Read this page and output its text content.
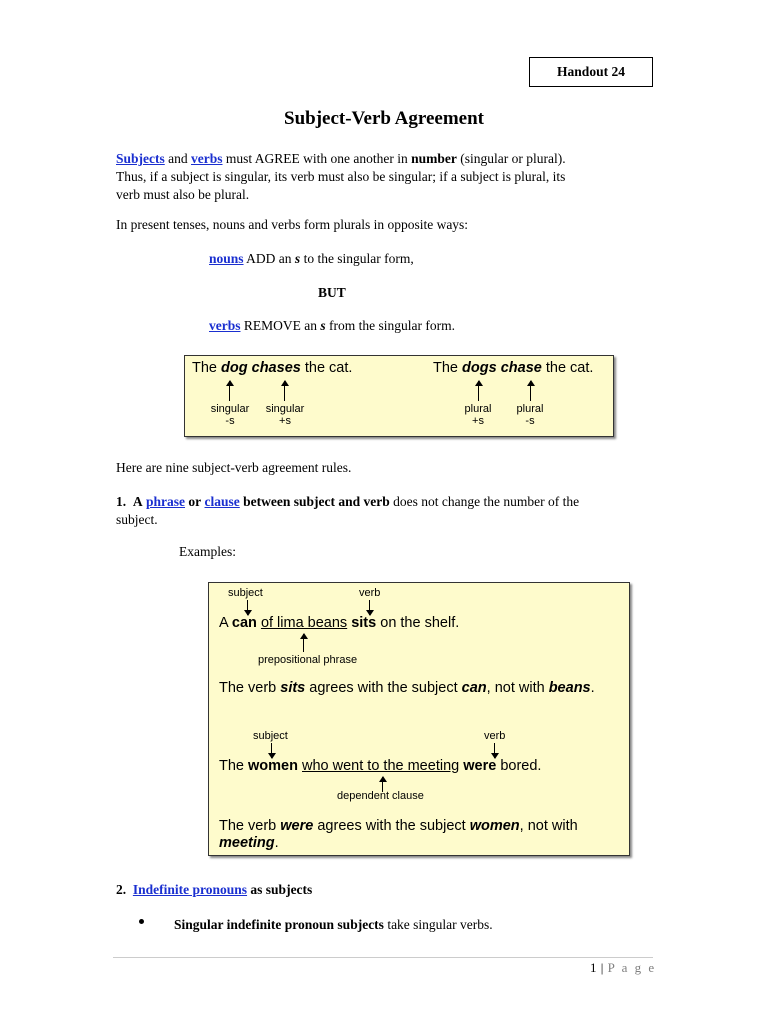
Handout 24
Subject-Verb Agreement
Subjects and verbs must AGREE with one another in number (singular or plural).
Thus, if a subject is singular, its verb must also be singular; if a subject is plural, its
verb must also be plural.
In present tenses, nouns and verbs form plurals in opposite ways:
nouns ADD an s to the singular form,
BUT
verbs REMOVE an s from the singular form.
The dog chases the cat.	The dogs chase the cat.
singular
-s
singular
+s
plural
+s
plural
-s
Here are nine subject-verb agreement rules.
1. A phrase or clause between subject and verb does not change the number of the
subject.
Examples:
subject	verb
A can of lima beans sits on the shelf.
prepositional phrase
The verb sits agrees with the subject can, not with beans.
subject	verb
The women who went to the meeting were bored.
dependent clause
The verb were agrees with the subject women, not with meeting.
2. Indefinite pronouns as subjects
Singular indefinite pronoun subjects take singular verbs.
1 | P a g e
